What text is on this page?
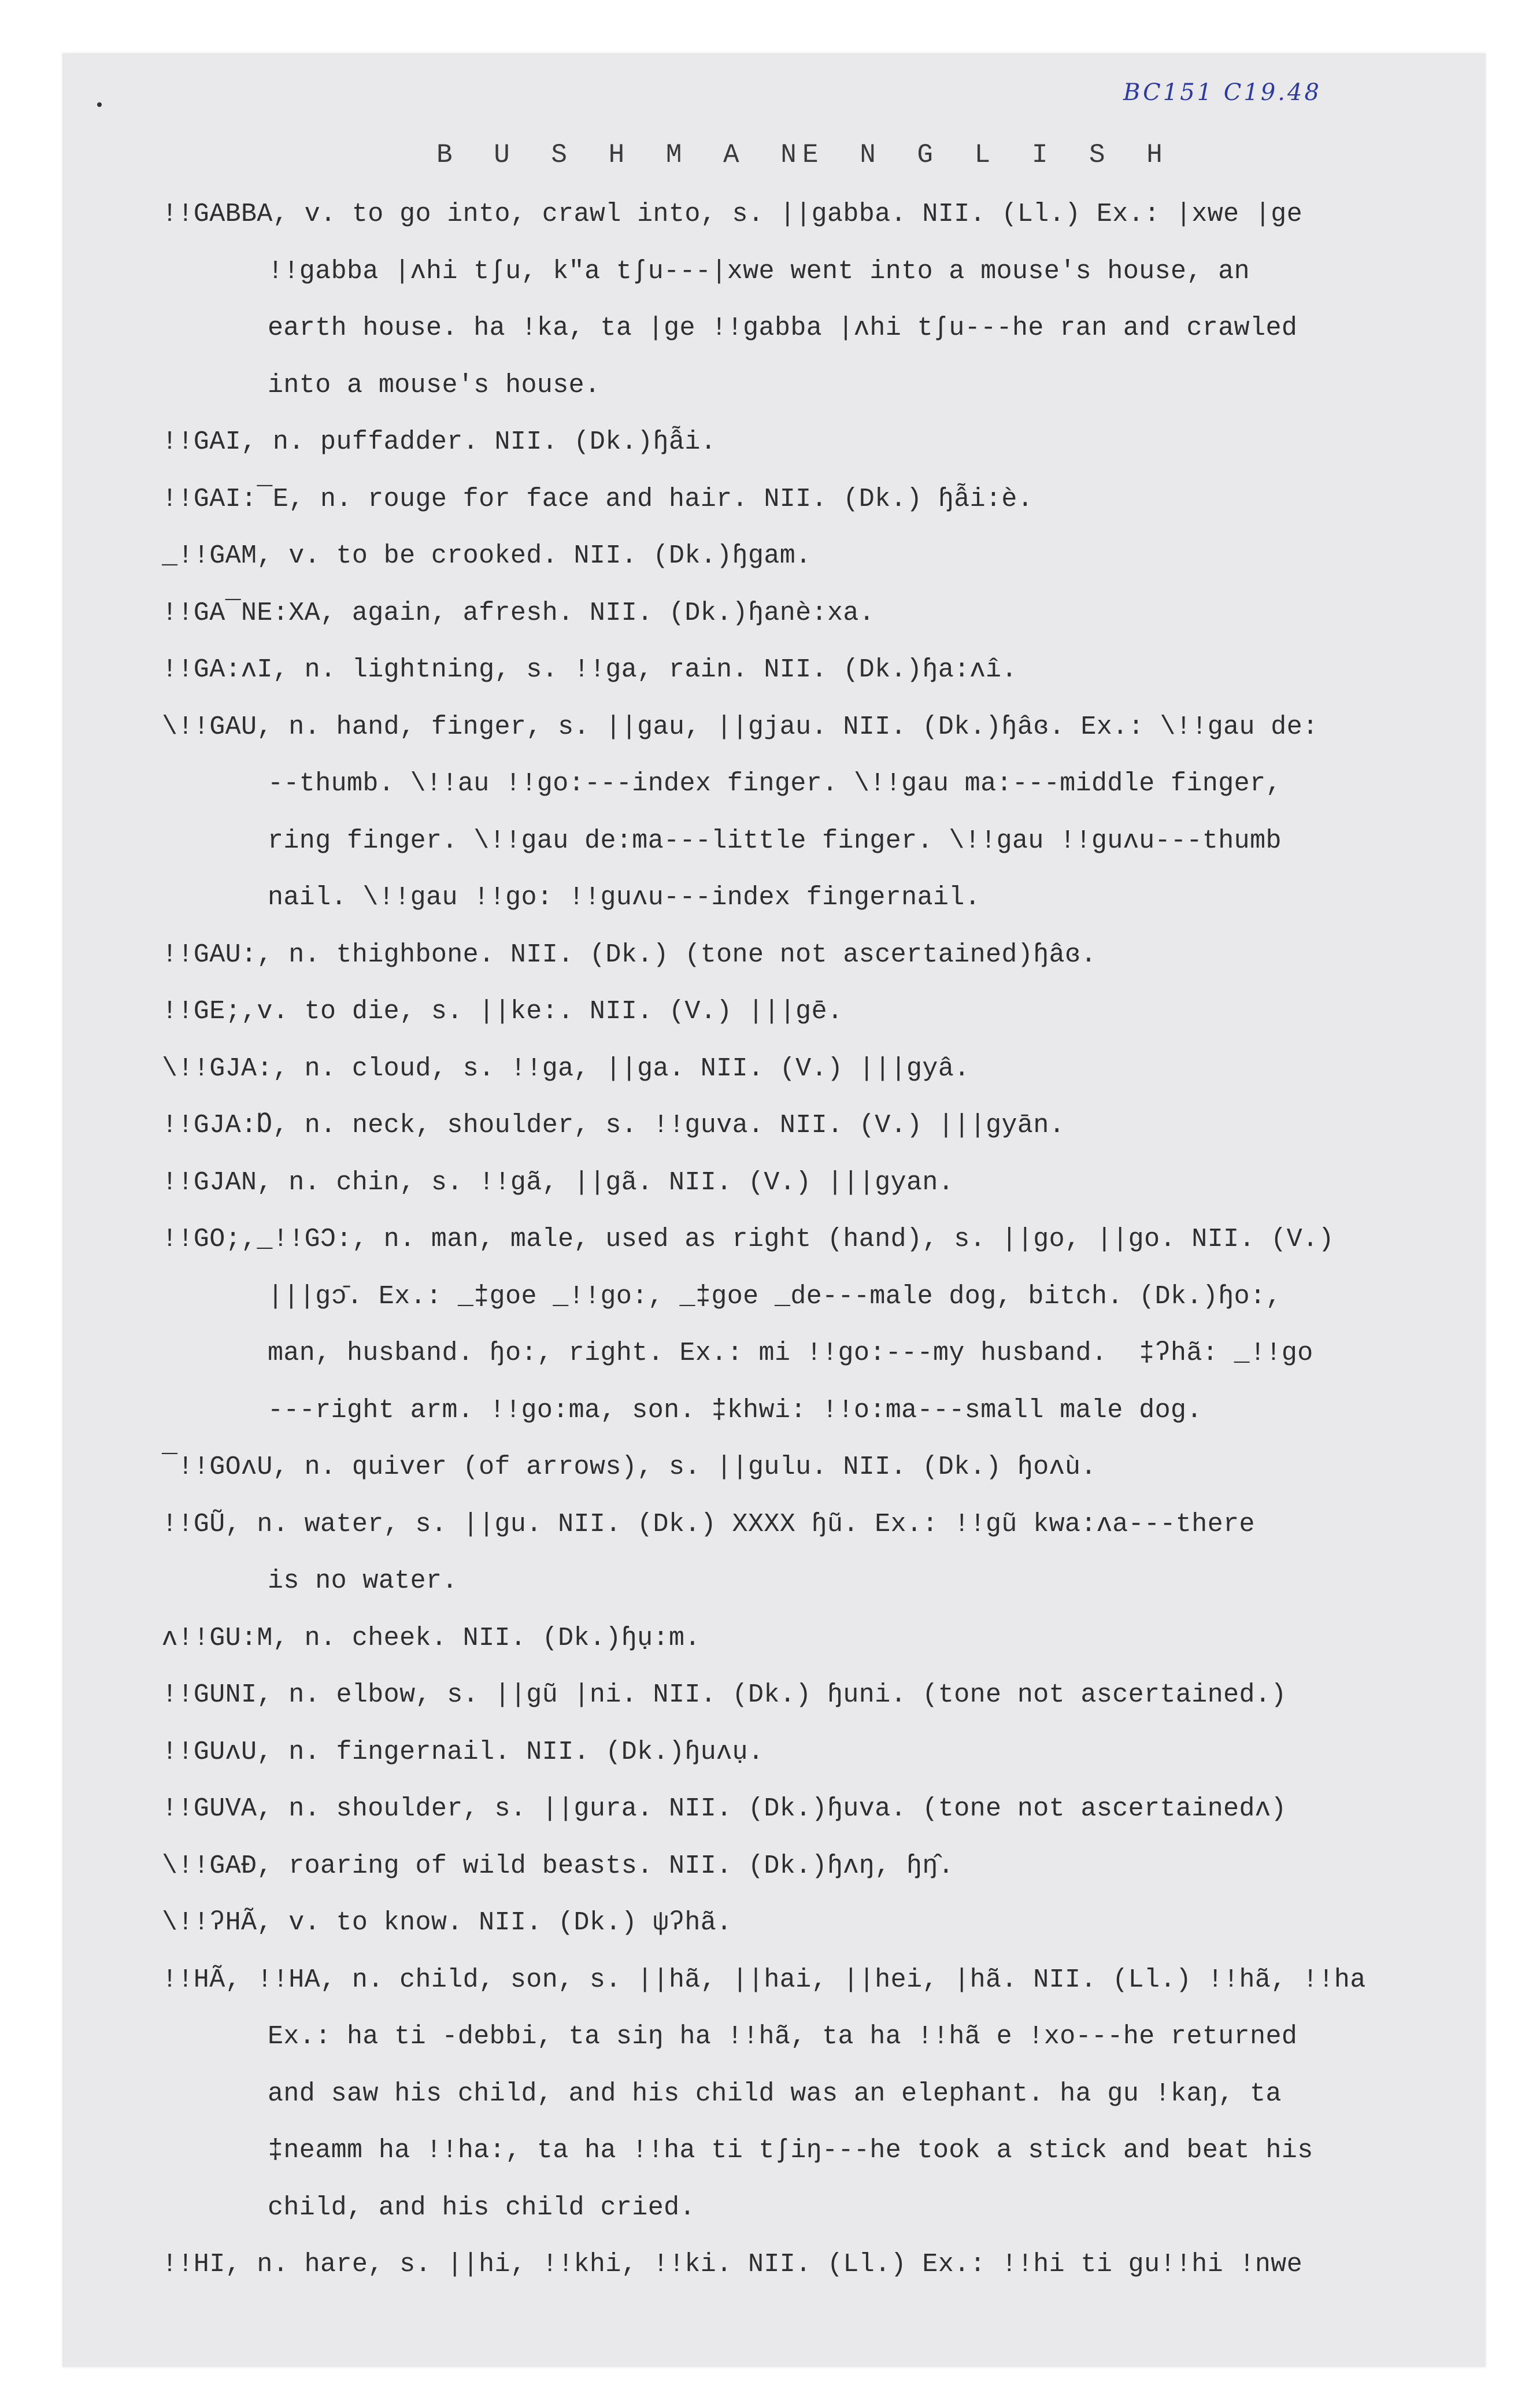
BC151 C19.48
B U S H M A N
E N G L I S H
!!GABBA, v. to go into, crawl into, s. ||gabba. NII. (Ll.) Ex.: |xwe |ge
!!gabba |ʌhi tʃu, k"a tʃu---|xwe went into a mouse's house, an
earth house. ha !ka, ta |ge !!gabba |ʌhi tʃu---he ran and crawled
into a mouse's house.
!!GAI, n. puffadder. NII. (Dk.)ɧẫi.
!!GAI:¯E, n. rouge for face and hair. NII. (Dk.) ɧẫi:è.
_!!GAM, v. to be crooked. NII. (Dk.)ɧgam.
!!GA¯NE:XA, again, afresh. NII. (Dk.)ɧanè:xa.
!!GA:ʌI, n. lightning, s. !!ga, rain. NII. (Dk.)ɧa:ʌî.
\!!GAU, n. hand, finger, s. ||gau, ||gjau. NII. (Dk.)ɧâɞ. Ex.: \!!gau de:
--thumb. \!!au !!go:---index finger. \!!gau ma:---middle finger,
ring finger. \!!gau de:ma---little finger. \!!gau !!guʌu---thumb
nail. \!!gau !!go: !!guʌu---index fingernail.
!!GAU:, n. thighbone. NII. (Dk.) (tone not ascertained)ɧâɞ.
!!GE;,v. to die, s. ||ke:. NII. (V.) |||gē.
\!!GJA:, n. cloud, s. !!ga, ||ga. NII. (V.) |||gyâ.
!!GJA:Ɒ, n. neck, shoulder, s. !!guva. NII. (V.) |||gyān.
!!GJAN, n. chin, s. !!gã, ||gã. NII. (V.) |||gyan.
!!GO;,_!!GƆ:, n. man, male, used as right (hand), s. ||go, ||go. NII. (V.)
|||gɔ̄. Ex.: _‡goe _!!go:, _‡goe _de---male dog, bitch. (Dk.)ɧo:,
man, husband. ɧo:, right. Ex.: mi !!go:---my husband.  ‡ʔhã: _!!go
---right arm. !!go:ma, son. ‡khwi: !!o:ma---small male dog.
¯!!GOʌU, n. quiver (of arrows), s. ||gulu. NII. (Dk.) ɧoʌù.
!!GŨ, n. water, s. ||gu. NII. (Dk.) XXXX ɧũ. Ex.: !!gũ kwa:ʌa---there
is no water.
ʌ!!GU:M, n. cheek. NII. (Dk.)ɧụ:m.
!!GUNI, n. elbow, s. ||gũ |ni. NII. (Dk.) ɧuni. (tone not ascertained.)
!!GUʌU, n. fingernail. NII. (Dk.)ɧuʌụ.
!!GUVA, n. shoulder, s. ||gura. NII. (Dk.)ɧuva. (tone not ascertainedʌ)
\!!GAƉ, roaring of wild beasts. NII. (Dk.)ɧʌŋ, ɧŋ̂.
\!!ʔHÃ, v. to know. NII. (Dk.) ψʔhã.
!!HÃ, !!HA, n. child, son, s. ||hã, ||hai, ||hei, |hã. NII. (Ll.) !!hã, !!ha
Ex.: ha ti -debbi, ta siŋ ha !!hã, ta ha !!hã e !xo---he returned
and saw his child, and his child was an elephant. ha gu !kaŋ, ta
‡neamm ha !!ha:, ta ha !!ha ti tʃiŋ---he took a stick and beat his
child, and his child cried.
!!HI, n. hare, s. ||hi, !!khi, !!ki. NII. (Ll.) Ex.: !!hi ti gu!!hi !nwe
